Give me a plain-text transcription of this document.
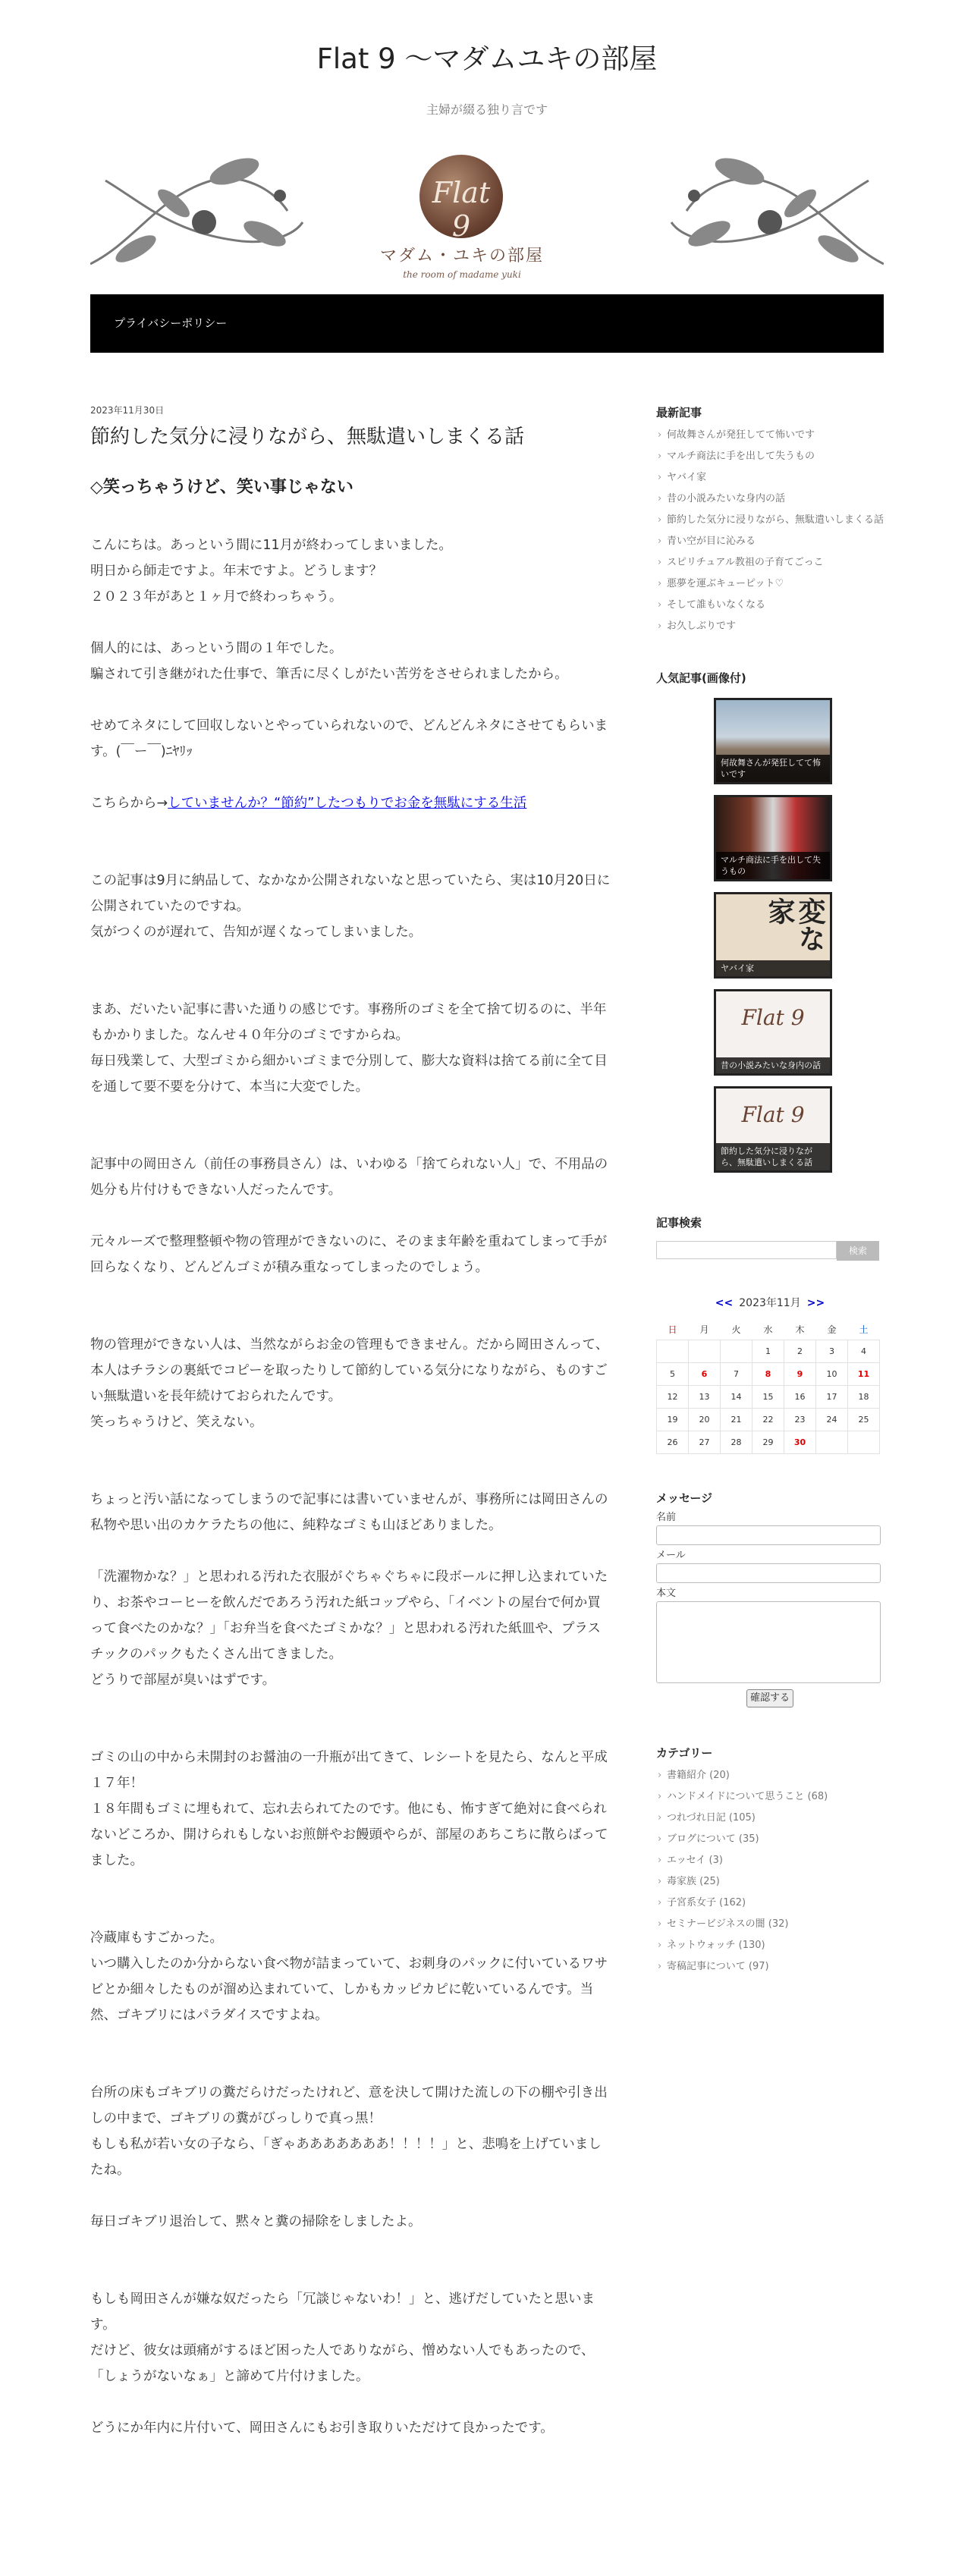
Flat 9 〜マダムユキの部屋
主婦が綴る独り言です
Flat 9
マダム・ユキの部屋
the room of madame yuki
プライバシーポリシー
2023年11月30日
節約した気分に浸りながら、無駄遣いしまくる話
◇笑っちゃうけど、笑い事じゃない
こんにちは。あっという間に11月が終わってしまいました。
明日から師走ですよ。年末ですよ。どうします？
２０２３年があと１ヶ月で終わっちゃう。
個人的には、あっという間の１年でした。
騙されて引き継がれた仕事で、筆舌に尽くしがたい苦労をさせられましたから。
せめてネタにして回収しないとやっていられないので、どんどんネタにさせてもらいます。(￣ー￣)ﾆﾔﾘｯ
こちらから→していませんか？“節約”したつもりでお金を無駄にする生活
この記事は9月に納品して、なかなか公開されないなと思っていたら、実は10月20日に公開されていたのですね。
気がつくのが遅れて、告知が遅くなってしまいました。
まあ、だいたい記事に書いた通りの感じです。事務所のゴミを全て捨て切るのに、半年もかかりました。なんせ４０年分のゴミですからね。
毎日残業して、大型ゴミから細かいゴミまで分別して、膨大な資料は捨てる前に全て目を通して要不要を分けて、本当に大変でした。
記事中の岡田さん（前任の事務員さん）は、いわゆる「捨てられない人」で、不用品の処分も片付けもできない人だったんです。
元々ルーズで整理整頓や物の管理ができないのに、そのまま年齢を重ねてしまって手が回らなくなり、どんどんゴミが積み重なってしまったのでしょう。
物の管理ができない人は、当然ながらお金の管理もできません。だから岡田さんって、本人はチラシの裏紙でコピーを取ったりして節約している気分になりながら、ものすごい無駄遣いを長年続けておられたんです。
笑っちゃうけど、笑えない。
ちょっと汚い話になってしまうので記事には書いていませんが、事務所には岡田さんの私物や思い出のカケラたちの他に、純粋なゴミも山ほどありました。
「洗濯物かな？」と思われる汚れた衣服がぐちゃぐちゃに段ボールに押し込まれていたり、お茶やコーヒーを飲んだであろう汚れた紙コップやら、「イベントの屋台で何か買って食べたのかな？」「お弁当を食べたゴミかな？」と思われる汚れた紙皿や、プラスチックのパックもたくさん出てきました。
どうりで部屋が臭いはずです。
ゴミの山の中から未開封のお醤油の一升瓶が出てきて、レシートを見たら、なんと平成１７年！
１８年間もゴミに埋もれて、忘れ去られてたのです。他にも、怖すぎて絶対に食べられないどころか、開けられもしないお煎餅やお饅頭やらが、部屋のあちこちに散らばってました。
冷蔵庫もすごかった。
いつ購入したのか分からない食べ物が詰まっていて、お刺身のパックに付いているワサビとか細々したものが溜め込まれていて、しかもカッピカピに乾いているんです。当然、ゴキブリにはパラダイスですよね。
台所の床もゴキブリの糞だらけだったけれど、意を決して開けた流しの下の棚や引き出しの中まで、ゴキブリの糞がびっしりで真っ黒！
もしも私が若い女の子なら、「ぎゃあああああああ！！！！」と、悲鳴を上げていましたね。
毎日ゴキブリ退治して、黙々と糞の掃除をしましたよ。
もしも岡田さんが嫌な奴だったら「冗談じゃないわ！」と、逃げだしていたと思います。
だけど、彼女は頭痛がするほど困った人でありながら、憎めない人でもあったので、「しょうがないなぁ」と諦めて片付けました。
どうにか年内に片付いて、岡田さんにもお引き取りいただけて良かったです。
最新記事
› 何故舞さんが発狂してて怖いです
› マルチ商法に手を出して失うもの
› ヤバイ家
› 昔の小説みたいな身内の話
› 節約した気分に浸りながら、無駄遣いしまくる話
› 青い空が目に沁みる
› スピリチュアル教祖の子育てごっこ
› 悪夢を運ぶキューピット♡
› そして誰もいなくなる
› お久しぶりです
人気記事(画像付)
何故舞さんが発狂してて怖いです
マルチ商法に手を出して失うもの
変な家
ヤバイ家
Flat 9
昔の小説みたいな身内の話
Flat 9
節約した気分に浸りながら、無駄遣いしまくる話
記事検索
検索
<< 2023年11月 >>
日	月	火	水	木	金	土
			1	2	3	4
5	6	7	8	9	10	11
12	13	14	15	16	17	18
19	20	21	22	23	24	25
26	27	28	29	30		
メッセージ
名前
メール
本文
確認する
カテゴリー
› 書籍紹介 (20)
› ハンドメイドについて思うこと (68)
› つれづれ日記 (105)
› ブログについて (35)
› エッセイ (3)
› 毒家族 (25)
› 子宮系女子 (162)
› セミナービジネスの闇 (32)
› ネットウォッチ (130)
› 寄稿記事について (97)
